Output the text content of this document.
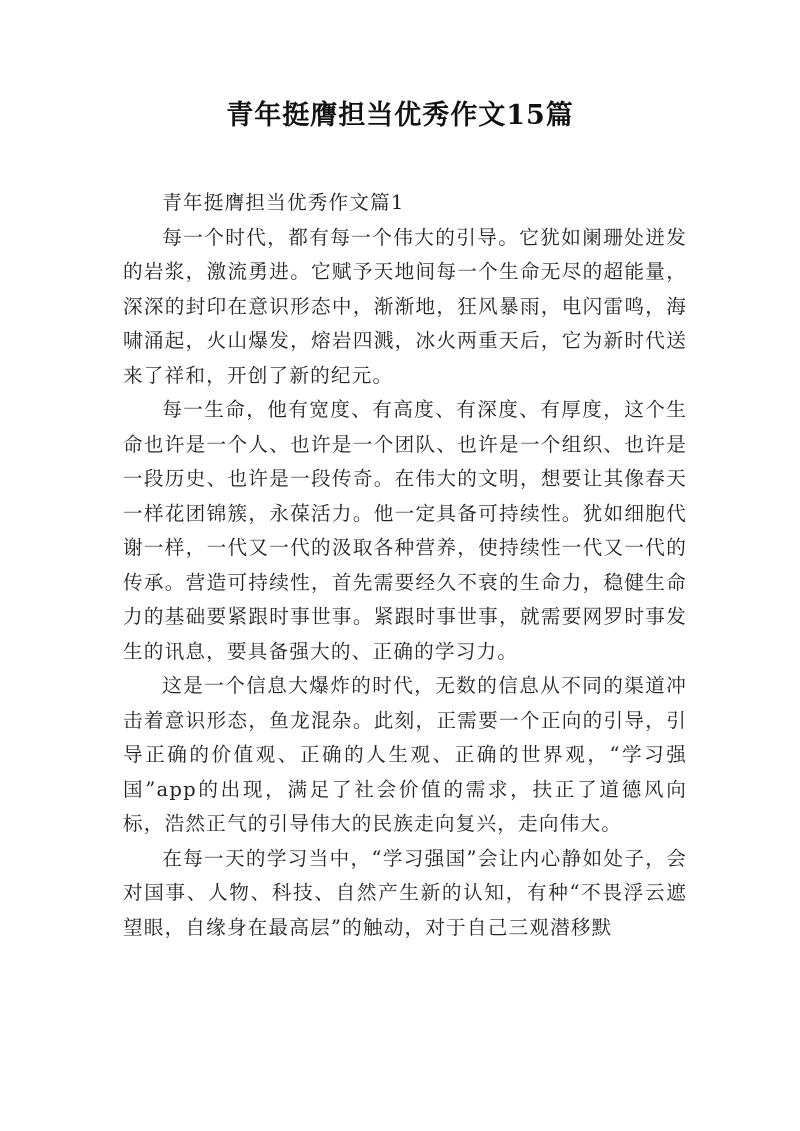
青年挺膺担当优秀作文15篇

青年挺膺担当优秀作文篇1

每一个时代，都有每一个伟大的引导。它犹如阑珊处迸发的岩浆，激流勇进。它赋予天地间每一个生命无尽的超能量，深深的封印在意识形态中，渐渐地，狂风暴雨，电闪雷鸣，海啸涌起，火山爆发，熔岩四溅，冰火两重天后，它为新时代送来了祥和，开创了新的纪元。

每一生命，他有宽度、有高度、有深度、有厚度，这个生命也许是一个人、也许是一个团队、也许是一个组织、也许是一段历史、也许是一段传奇。在伟大的文明，想要让其像春天一样花团锦簇，永葆活力。他一定具备可持续性。犹如细胞代谢一样，一代又一代的汲取各种营养，使持续性一代又一代的传承。营造可持续性，首先需要经久不衰的生命力，稳健生命力的基础要紧跟时事世事。紧跟时事世事，就需要网罗时事发生的讯息，要具备强大的、正确的学习力。

这是一个信息大爆炸的时代，无数的信息从不同的渠道冲击着意识形态，鱼龙混杂。此刻，正需要一个正向的引导，引导正确的价值观、正确的人生观、正确的世界观，“学习强国”app的出现，满足了社会价值的需求，扶正了道德风向标，浩然正气的引导伟大的民族走向复兴，走向伟大。

在每一天的学习当中，“学习强国”会让内心静如处子，会对国事、人物、科技、自然产生新的认知，有种“不畏浮云遮望眼，自缘身在最高层”的触动，对于自己三观潜移默
